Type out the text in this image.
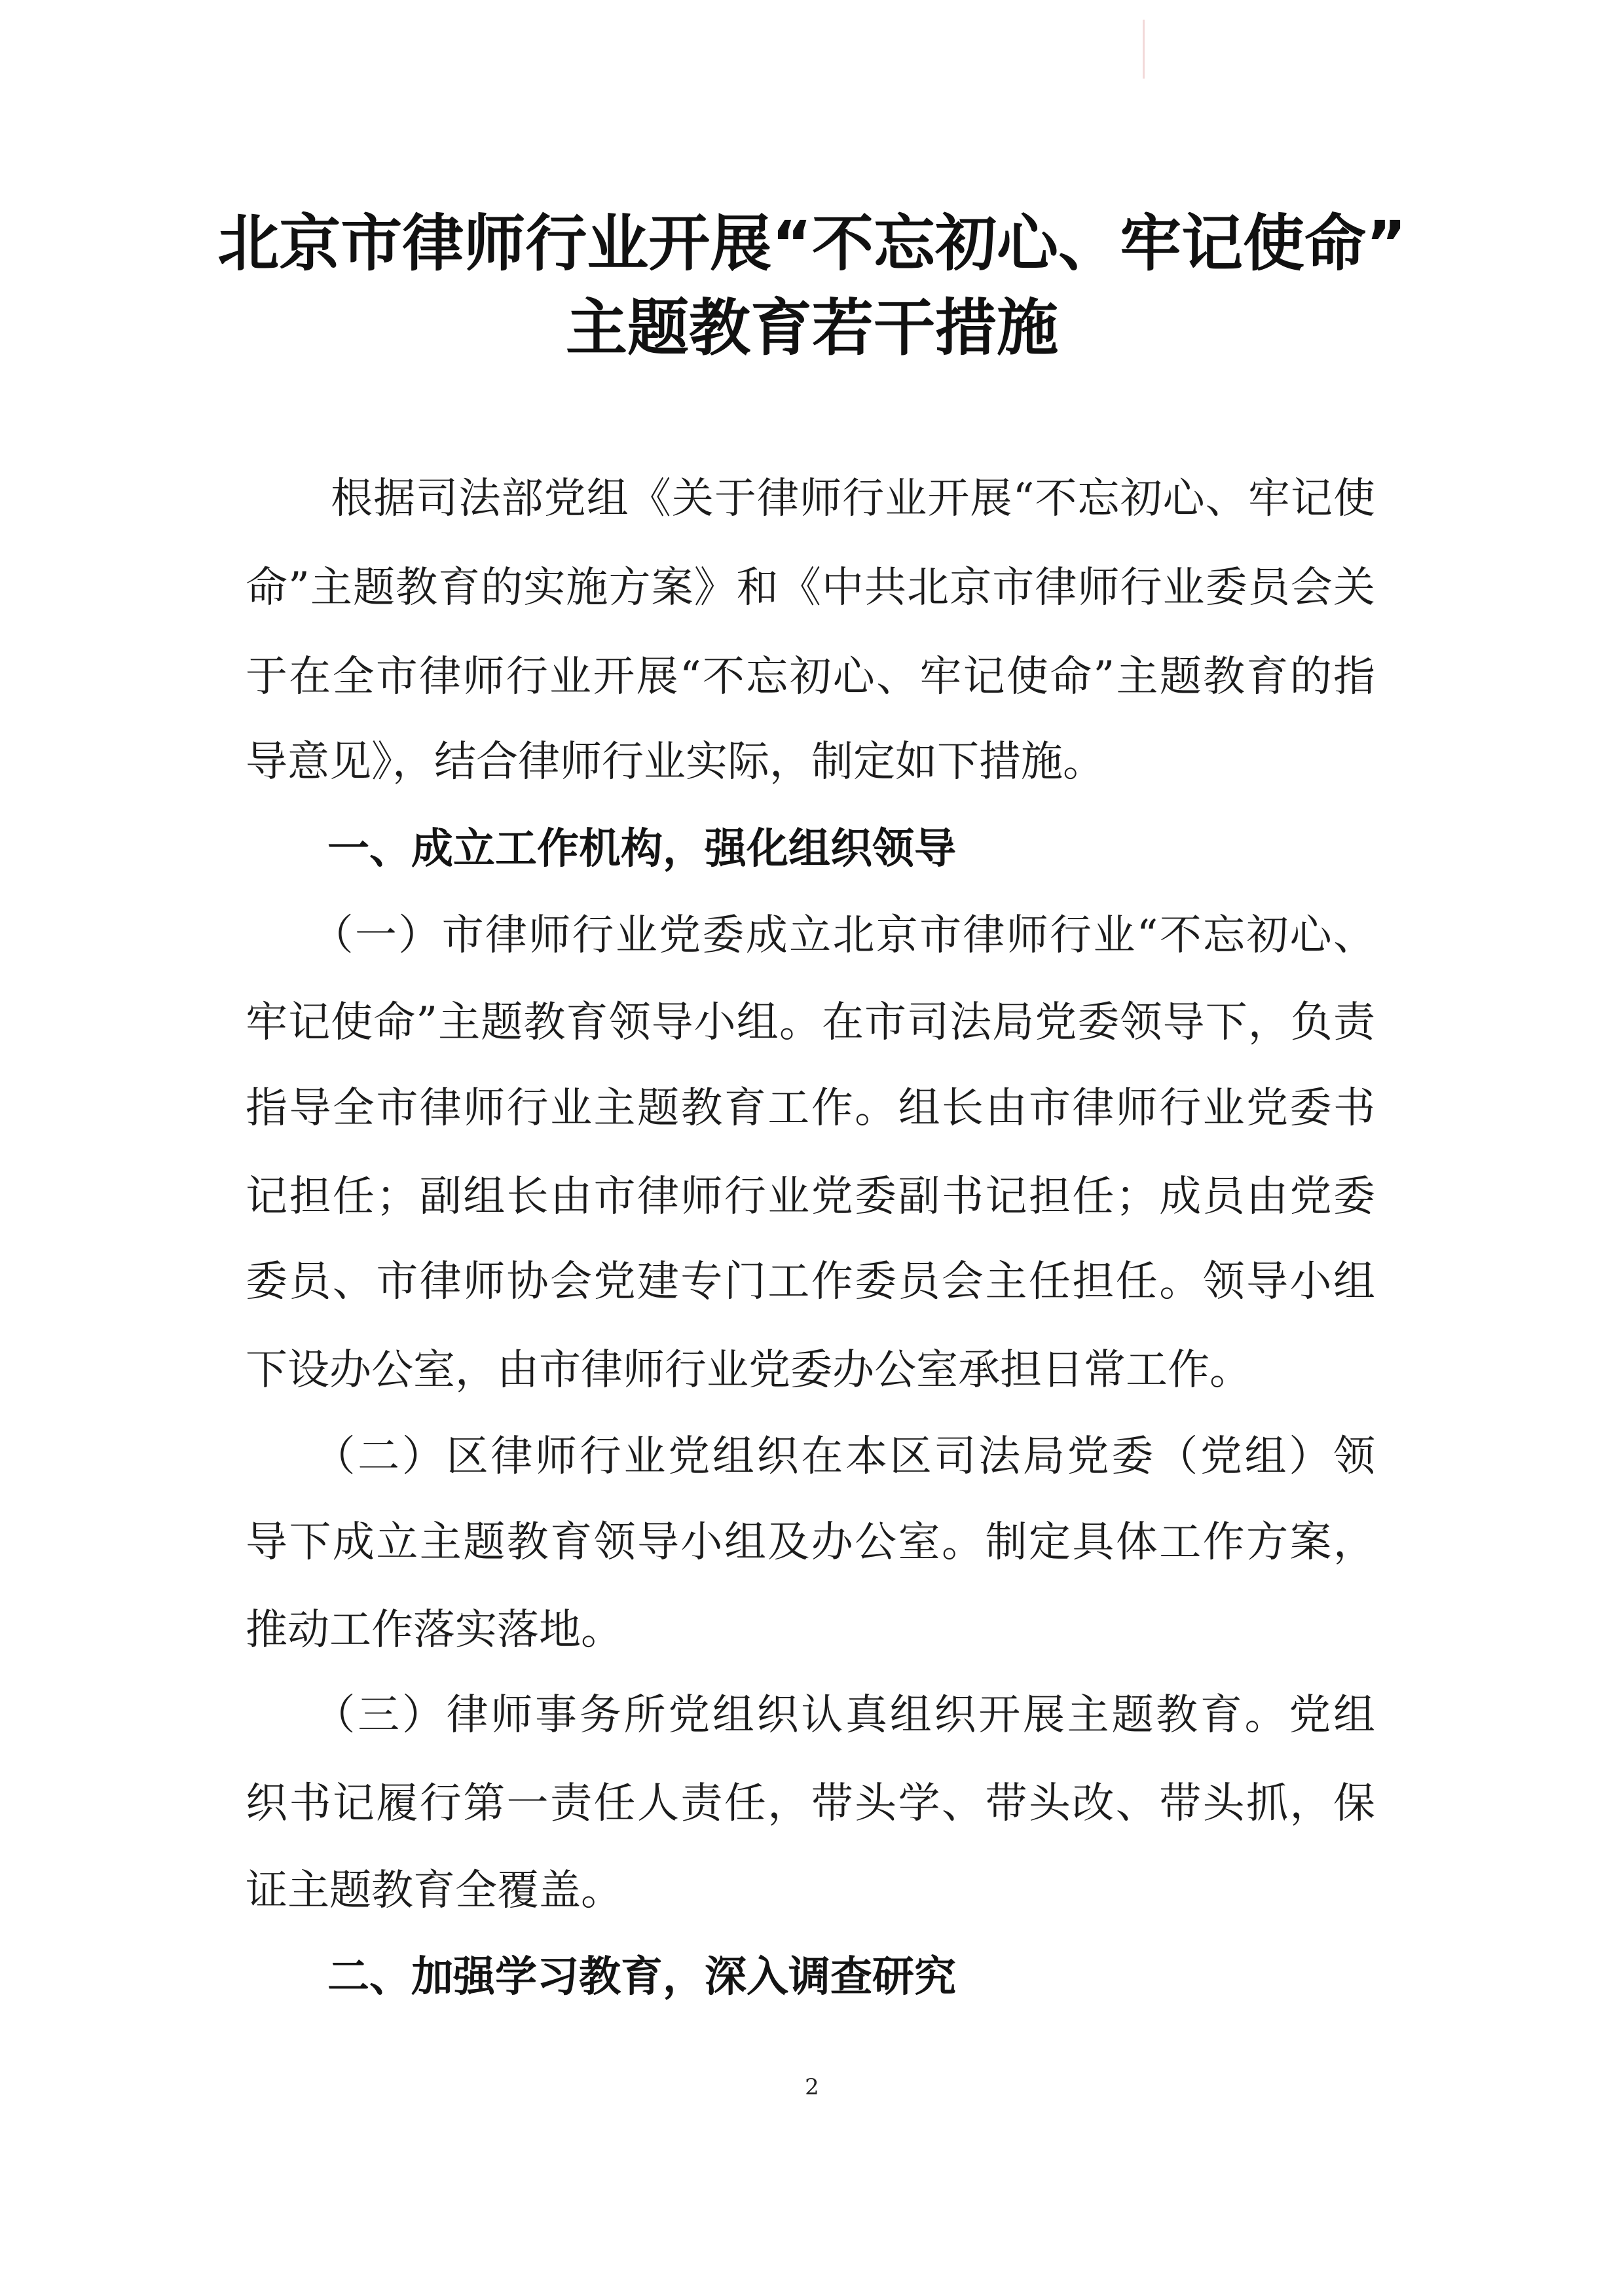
北京市律师行业开展“不忘初心、牢记使命”
主题教育若干措施
　　根据司法部党组《关于律师行业开展“不忘初心、牢记使
命”主题教育的实施方案》和《中共北京市律师行业委员会关
于在全市律师行业开展“不忘初心、牢记使命”主题教育的指
导意见》，结合律师行业实际，制定如下措施。
一、成立工作机构，强化组织领导
　　（一）市律师行业党委成立北京市律师行业“不忘初心、
牢记使命”主题教育领导小组。在市司法局党委领导下，负责
指导全市律师行业主题教育工作。组长由市律师行业党委书
记担任；副组长由市律师行业党委副书记担任；成员由党委
委员、市律师协会党建专门工作委员会主任担任。领导小组
下设办公室，由市律师行业党委办公室承担日常工作。
　　（二）区律师行业党组织在本区司法局党委（党组）领
导下成立主题教育领导小组及办公室。制定具体工作方案，
推动工作落实落地。
　　（三）律师事务所党组织认真组织开展主题教育。党组
织书记履行第一责任人责任，带头学、带头改、带头抓，保
证主题教育全覆盖。
二、加强学习教育，深入调查研究
2
